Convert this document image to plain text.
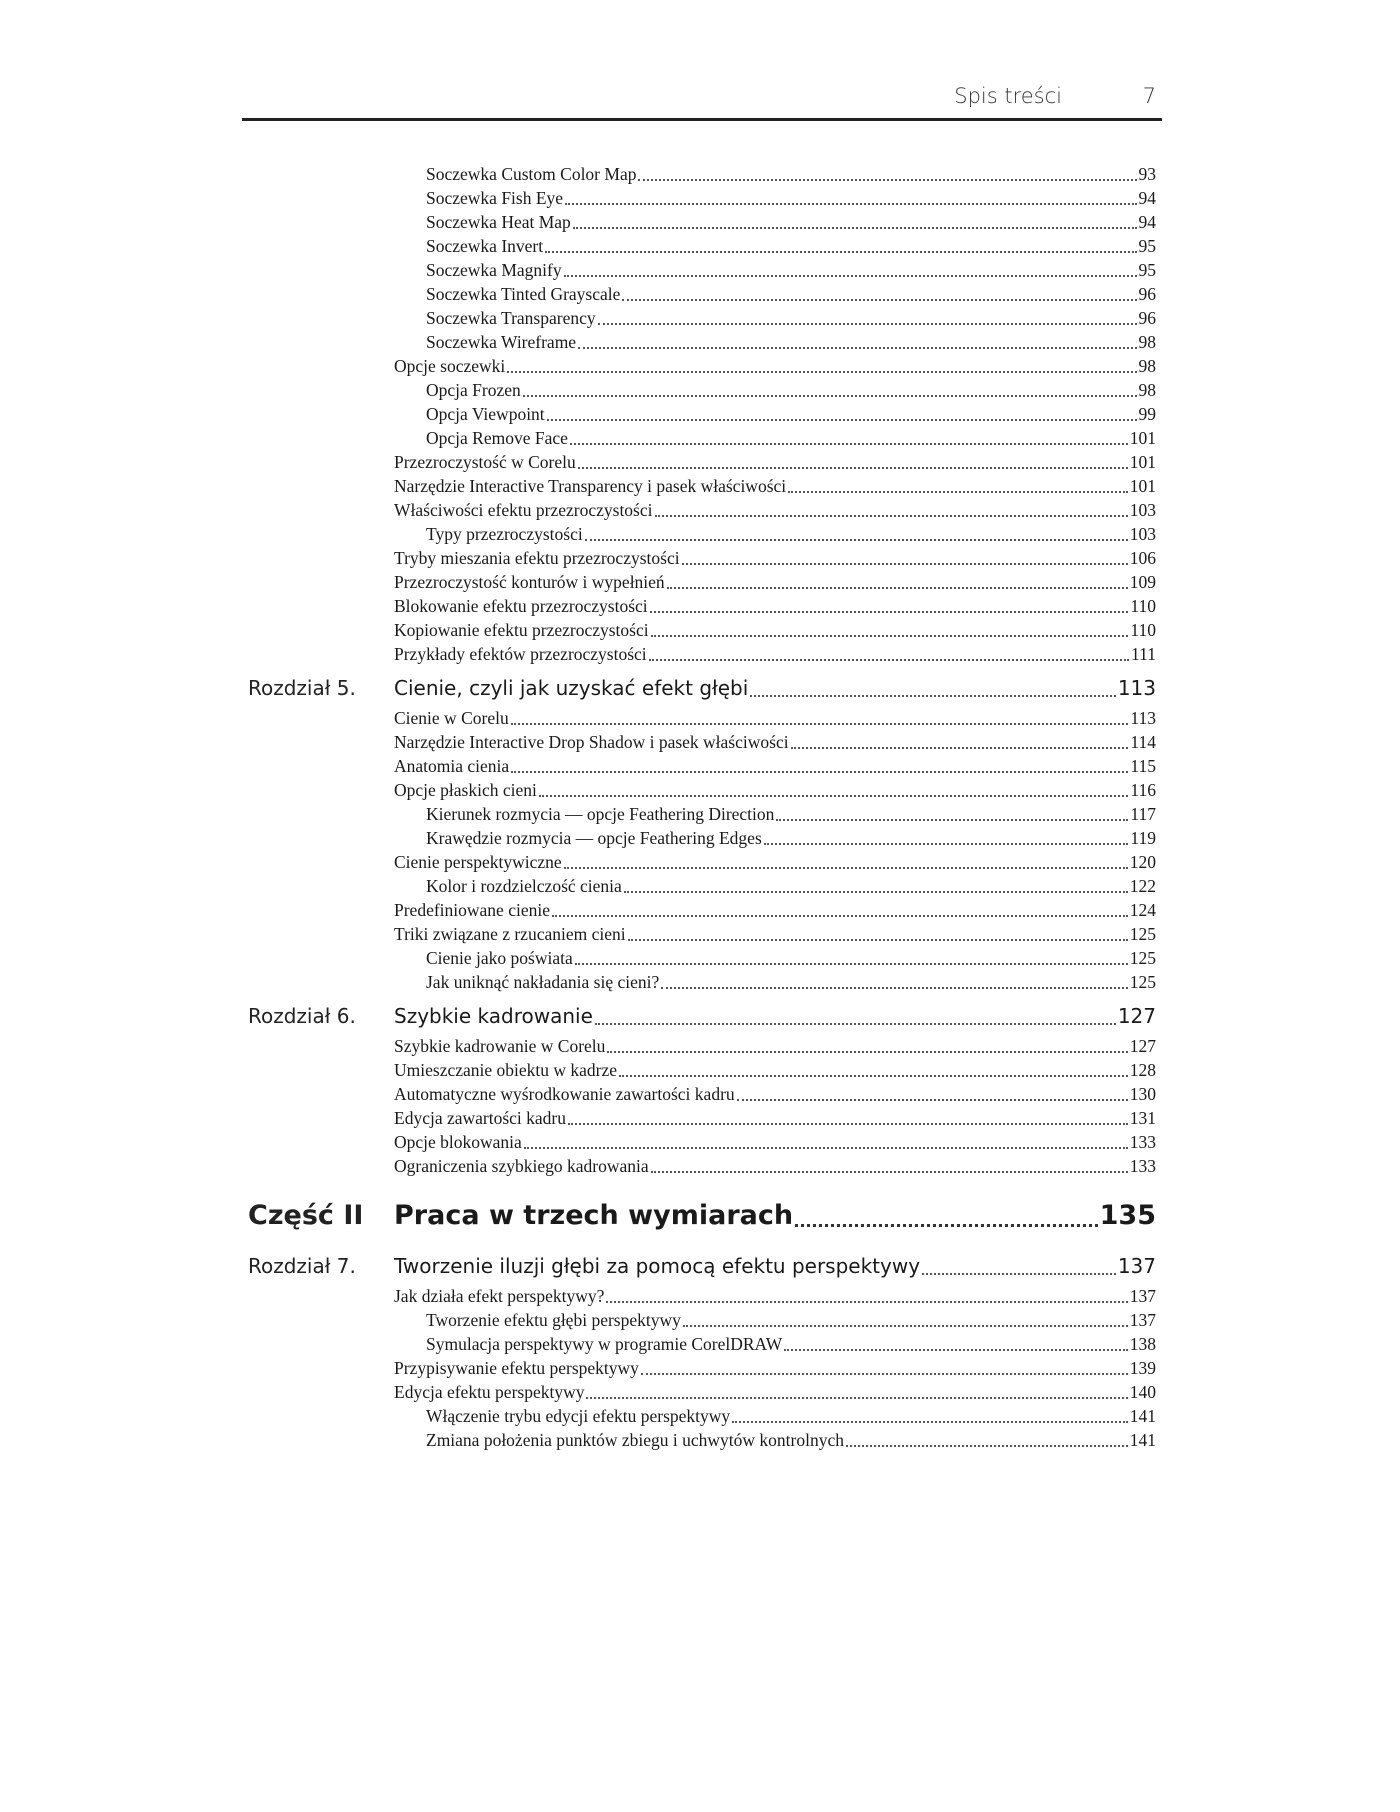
Spis treści	7
Soczewka Custom Color Map	93
Soczewka Fish Eye	94
Soczewka Heat Map	94
Soczewka Invert	95
Soczewka Magnify	95
Soczewka Tinted Grayscale	96
Soczewka Transparency	96
Soczewka Wireframe	98
Opcje soczewki	98
Opcja Frozen	98
Opcja Viewpoint	99
Opcja Remove Face	101
Przezroczystość w Corelu	101
Narzędzie Interactive Transparency i pasek właściwości	101
Właściwości efektu przezroczystości	103
Typy przezroczystości	103
Tryby mieszania efektu przezroczystości	106
Przezroczystość konturów i wypełnień	109
Blokowanie efektu przezroczystości	110
Kopiowanie efektu przezroczystości	110
Przykłady efektów przezroczystości	111
Rozdział 5. Cienie, czyli jak uzyskać efekt głębi	113
Cienie w Corelu	113
Narzędzie Interactive Drop Shadow i pasek właściwości	114
Anatomia cienia	115
Opcje płaskich cieni	116
Kierunek rozmycia — opcje Feathering Direction	117
Krawędzie rozmycia — opcje Feathering Edges	119
Cienie perspektywiczne	120
Kolor i rozdzielczość cienia	122
Predefiniowane cienie	124
Triki związane z rzucaniem cieni	125
Cienie jako poświata	125
Jak uniknąć nakładania się cieni?	125
Rozdział 6. Szybkie kadrowanie	127
Szybkie kadrowanie w Corelu	127
Umieszczanie obiektu w kadrze	128
Automatyczne wyśrodkowanie zawartości kadru	130
Edycja zawartości kadru	131
Opcje blokowania	133
Ograniczenia szybkiego kadrowania	133
Część II Praca w trzech wymiarach	135
Rozdział 7. Tworzenie iluzji głębi za pomocą efektu perspektywy	137
Jak działa efekt perspektywy?	137
Tworzenie efektu głębi perspektywy	137
Symulacja perspektywy w programie CorelDRAW	138
Przypisywanie efektu perspektywy	139
Edycja efektu perspektywy	140
Włączenie trybu edycji efektu perspektywy	141
Zmiana położenia punktów zbiegu i uchwytów kontrolnych	141
